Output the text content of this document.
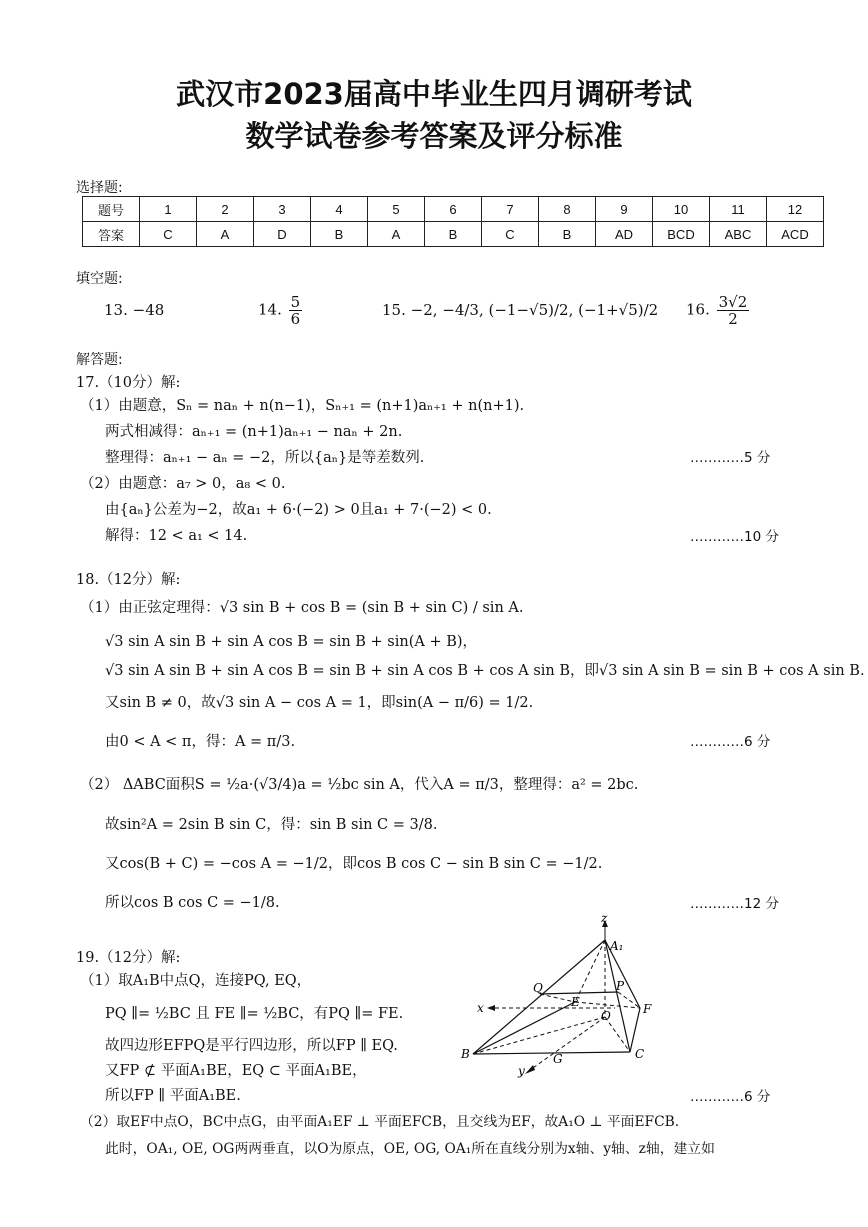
武汉市2023届高中毕业生四月调研考试
数学试卷参考答案及评分标准
选择题:
题号	1	2	3	4	5	6	7	8	9	10	11	12
答案	C	A	D	B	A	B	C	B	AD	BCD	ABC	ACD
填空题:
13. −48	14. $\frac{5}{6}$	15. −2, −4/3, (−1−√5)/2, (−1+√5)/2 16. $\frac{3√2}{2}$
解答题:
17.（10分）解:
（1）由题意，Sₙ = naₙ + n(n−1)，Sₙ₊₁ = (n+1)aₙ₊₁ + n(n+1).
两式相减得：aₙ₊₁ = (n+1)aₙ₊₁ − naₙ + 2n.
整理得：aₙ₊₁ − aₙ = −2，所以{aₙ}是等差数列.	…………5 分
（2）由题意：a₇ > 0，a₈ < 0.
由{aₙ}公差为−2，故a₁ + 6·(−2) > 0且a₁ + 7·(−2) < 0.
解得：12 < a₁ < 14.	…………10 分
18.（12分）解:
（1）由正弦定理得：√3 sin B + cos B = (sin B + sin C) / sin A.
√3 sin A sin B + sin A cos B = sin B + sin(A + B)，
√3 sin A sin B + sin A cos B = sin B + sin A cos B + cos A sin B，即√3 sin A sin B = sin B + cos A sin B.
又sin B ≠ 0，故√3 sin A − cos A = 1，即sin(A − π/6) = 1/2.
由0 < A < π，得：A = π/3.	…………6 分
（2） ΔABC面积S = ½a·(√3/4)a = ½bc sin A，代入A = π/3，整理得：a² = 2bc.
故sin²A = 2sin B sin C，得：sin B sin C = 3/8.
又cos(B + C) = −cos A = −1/2，即cos B cos C − sin B sin C = −1/2.
所以cos B cos C = −1/8.	…………12 分
19.（12分）解:
（1）取A₁B中点Q，连接PQ, EQ，
PQ ∥= ½BC 且 FE ∥= ½BC，有PQ ∥= FE.
故四边形EFPQ是平行四边形，所以FP ∥ EQ.
又FP ⊄ 平面A₁BE，EQ ⊂ 平面A₁BE，
所以FP ∥ 平面A₁BE.	…………6 分
（2）取EF中点O，BC中点G，由平面A₁EF ⊥ 平面EFCB，且交线为EF，故A₁O ⊥ 平面EFCB.
此时，OA₁, OE, OG两两垂直，以O为原点，OE, OG, OA₁所在直线分别为x轴、y轴、z轴，建立如
z
A₁
Q	P
x	E	F
O
B	C
G
y
